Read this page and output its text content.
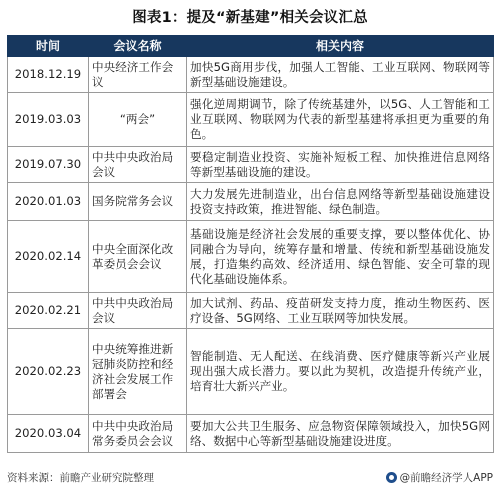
图表1：提及“新基建”相关会议汇总
时间	会议名称	相关内容
2018.12.19	中央经济工作会议	加快5G商用步伐，加强人工智能、工业互联网、物联网等新型基础设施建设。
2019.03.03	“两会”	强化逆周期调节，除了传统基建外，以5G、人工智能和工业互联网、物联网为代表的新型基建将承担更为重要的角色。
2019.07.30	中共中央政治局会议	要稳定制造业投资、实施补短板工程、加快推进信息网络等新型基础设施的建设。
2020.01.03	国务院常务会议	大力发展先进制造业，出台信息网络等新型基础设施建设投资支持政策，推进智能、绿色制造。
2020.02.14	中央全面深化改革委员会会议	基础设施是经济社会发展的重要支撑，要以整体优化、协同融合为导向，统筹存量和增量、传统和新型基础设施发展，打造集约高效、经济适用、绿色智能、安全可靠的现代化基础设施体系。
2020.02.21	中共中央政治局会议	加大试剂、药品、疫苗研发支持力度，推动生物医药、医疗设备、5G网络、工业互联网等加快发展。
2020.02.23	中央统筹推进新冠肺炎防控和经济社会发展工作部署会	智能制造、无人配送、在线消费、医疗健康等新兴产业展现出强大成长潜力。要以此为契机，改造提升传统产业，培育壮大新兴产业。
2020.03.04	中共中央政治局常务委员会会议	要加大公共卫生服务、应急物资保障领域投入，加快5G网络、数据中心等新型基础设施建设进度。
资料来源：前瞻产业研究院整理	@前瞻经济学人APP
